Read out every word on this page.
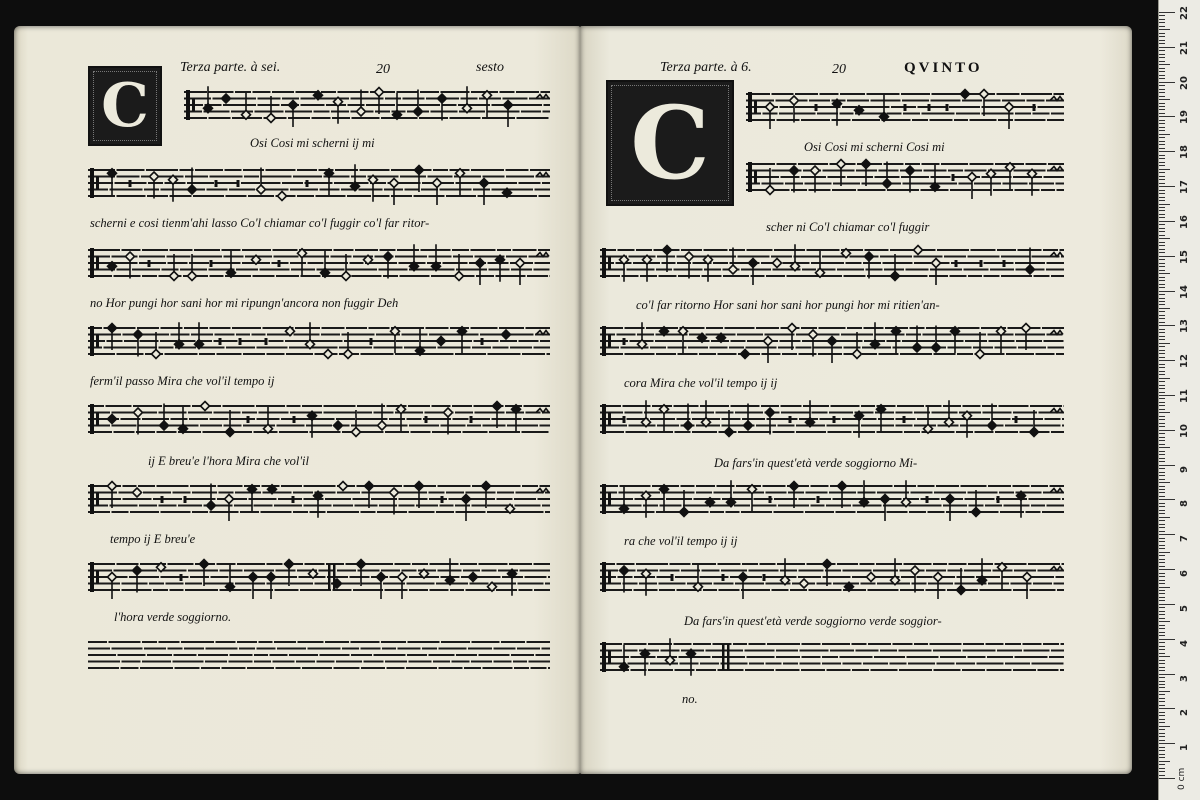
1
2
3
4
5
6
7
8
9
10
11
12
13
14
15
16
17
18
19
20
21
22
0 cm
C
Terza parte. à sei.	20	sesto
Osi Cosi mi scherni ij mi
scherni e cosi tienm'ahi lasso Co'l chiamar co'l fuggir co'l far ritor-
no Hor pungi hor sani hor mi ripungn'ancora non fuggir Deh
ferm'il passo Mira che vol'il tempo ij
ij E breu'e l'hora Mira che vol'il
tempo ij E breu'e
l'hora verde soggiorno.
Terza parte. à 6.	20	QVINTO
C	Osi Cosi mi scherni Cosi mi
scher ni Co'l chiamar co'l fuggir
co'l far ritorno Hor sani hor sani hor pungi hor mi ritien'an-
cora Mira che vol'il tempo ij ij
Da fars'in quest'età verde soggiorno Mi-
ra che vol'il tempo ij ij
Da fars'in quest'età verde soggiorno verde soggior-
no.
